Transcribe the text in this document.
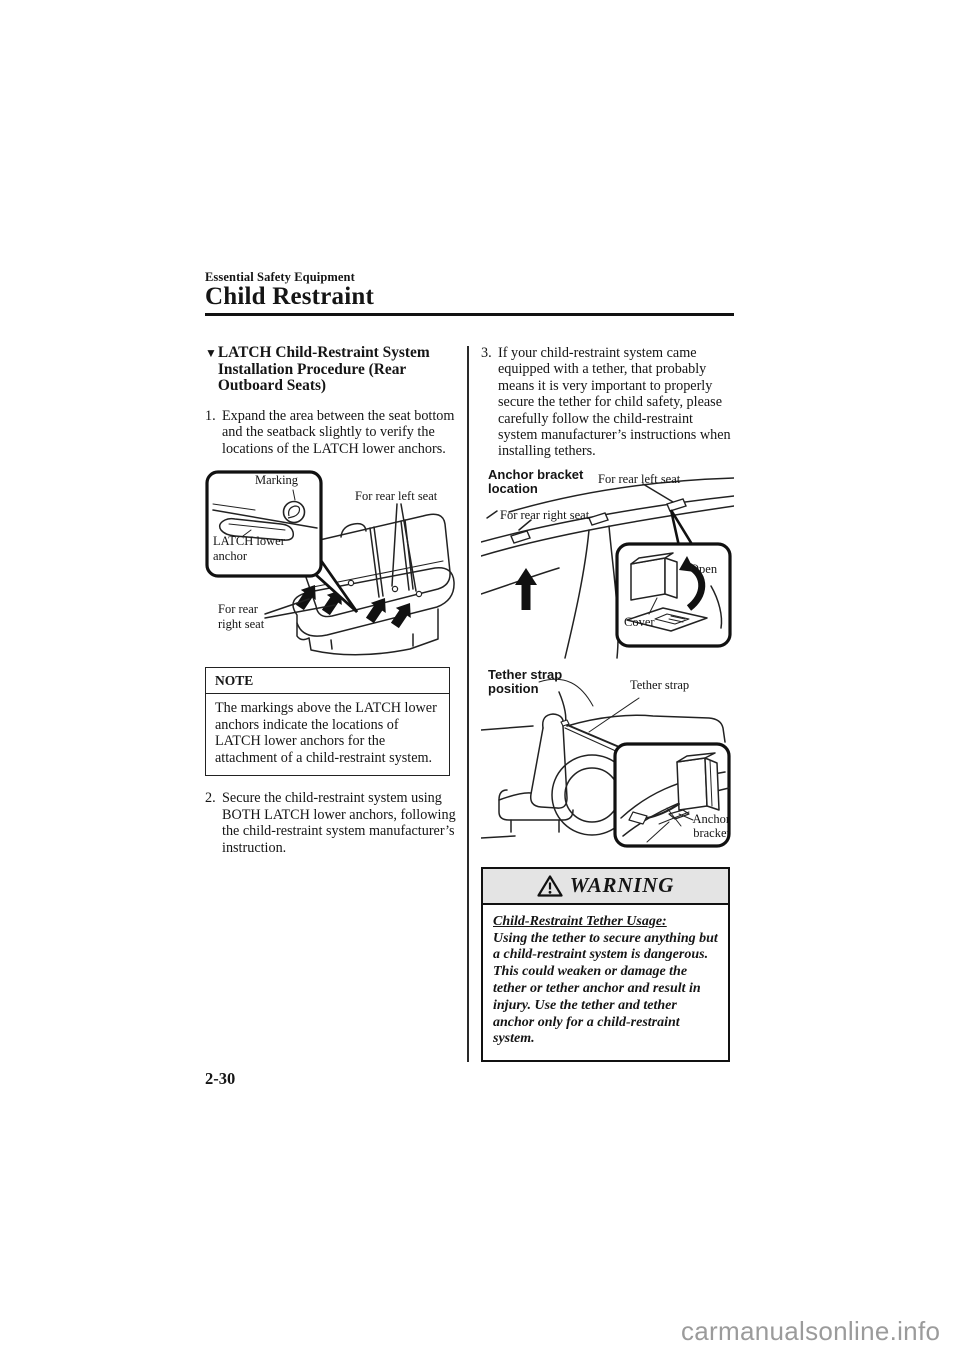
Essential Safety Equipment
Child Restraint
▼ LATCH Child-Restraint System Installation Procedure (Rear Outboard Seats)
1. Expand the area between the seat bottom and the seatback slightly to verify the locations of the LATCH lower anchors.
Marking
For rear left seat
LATCH lower anchor
For rear right seat
NOTE
The markings above the LATCH lower anchors indicate the locations of LATCH lower anchors for the attachment of a child-restraint system.
2. Secure the child-restraint system using BOTH LATCH lower anchors, following the child-restraint system manufacturer’s instruction.
3. If your child-restraint system came equipped with a tether, that probably means it is very important to properly secure the tether for child safety, please carefully follow the child-restraint system manufacturer’s instructions when installing tethers.
Anchor bracket location
For rear left seat
For rear right seat
Open
Cover
Tether strap position	Tether strap
Anchor bracket
WARNING
Child-Restraint Tether Usage:
Using the tether to secure anything but a child-restraint system is dangerous. This could weaken or damage the tether or tether anchor and result in injury. Use the tether and tether anchor only for a child-restraint system.
2-30
carmanualsonline.info
